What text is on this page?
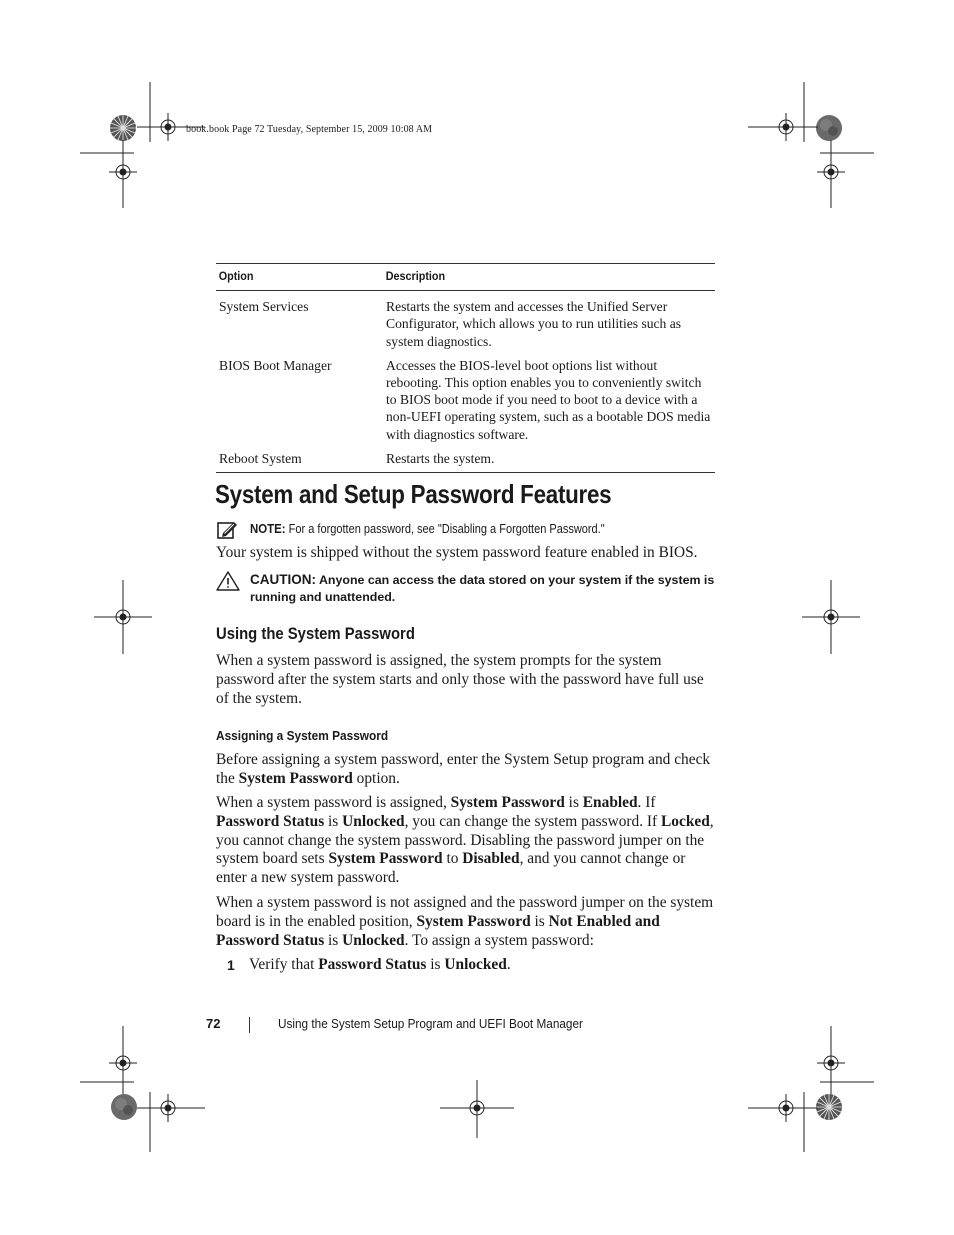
book.book Page 72 Tuesday, September 15, 2009 10:08 AM
Option	Description
System Services	Restarts the system and accesses the Unified Server Configurator, which allows you to run utilities such as system diagnostics.
BIOS Boot Manager	Accesses the BIOS-level boot options list without rebooting. This option enables you to conveniently switch to BIOS boot mode if you need to boot to a device with a non-UEFI operating system, such as a bootable DOS media with diagnostics software.
Reboot System	Restarts the system.
System and Setup Password Features
NOTE: For a forgotten password, see "Disabling a Forgotten Password."
Your system is shipped without the system password feature enabled in BIOS.
CAUTION: Anyone can access the data stored on your system if the system is running and unattended.
Using the System Password
When a system password is assigned, the system prompts for the system password after the system starts and only those with the password have full use of the system.
Assigning a System Password
Before assigning a system password, enter the System Setup program and check the System Password option.
When a system password is assigned, System Password is Enabled. If Password Status is Unlocked, you can change the system password. If Locked, you cannot change the system password. Disabling the password jumper on the system board sets System Password to Disabled, and you cannot change or enter a new system password.
When a system password is not assigned and the password jumper on the system board is in the enabled position, System Password is Not Enabled and Password Status is Unlocked. To assign a system password:
1 Verify that Password Status is Unlocked.
72	Using the System Setup Program and UEFI Boot Manager
